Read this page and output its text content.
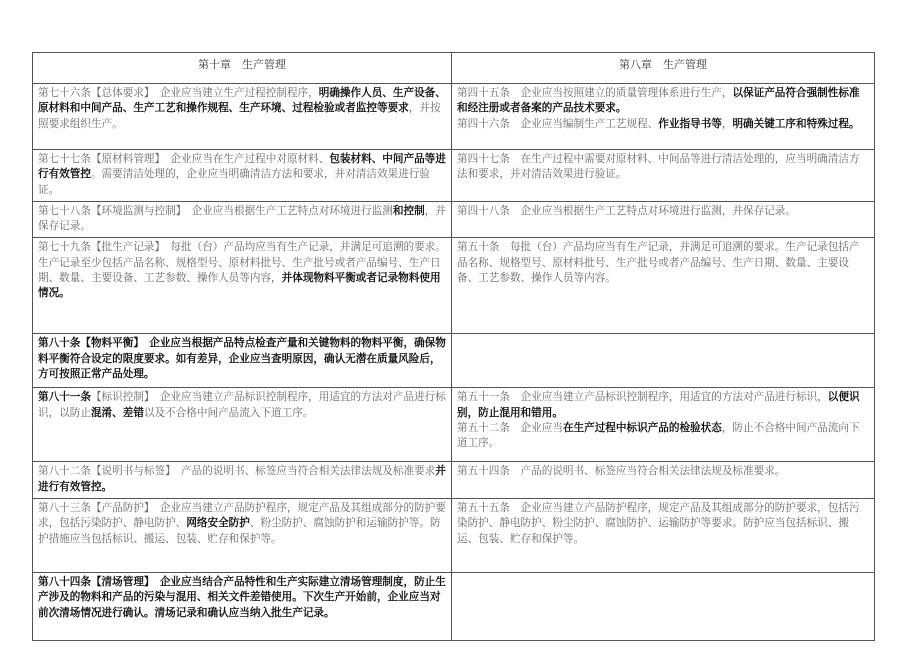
第十章　生产管理	第八章　生产管理

第七十六条【总体要求】　企业应当建立生产过程控制程序，明确操作人员、生产设备、原材料和中间产品、生产工艺和操作规程、生产环境、过程检验或者监控等要求，并按照要求组织生产。	第四十五条　企业应当按照建立的质量管理体系进行生产，以保证产品符合强制性标准和经注册或者备案的产品技术要求。
第四十六条　企业应当编制生产工艺规程、作业指导书等，明确关键工序和特殊过程。

第七十七条【原材料管理】　企业应当在生产过程中对原材料、包装材料、中间产品等进行有效管控。需要清洁处理的，企业应当明确清洁方法和要求，并对清洁效果进行验证。	第四十七条　在生产过程中需要对原材料、中间品等进行清洁处理的，应当明确清洁方法和要求，并对清洁效果进行验证。

第七十八条【环境监测与控制】　企业应当根据生产工艺特点对环境进行监测和控制，并保存记录。	第四十八条　企业应当根据生产工艺特点对环境进行监测，并保存记录。

第七十九条【批生产记录】　每批（台）产品均应当有生产记录，并满足可追溯的要求。生产记录至少包括产品名称、规格型号、原材料批号、生产批号或者产品编号、生产日期、数量、主要设备、工艺参数、操作人员等内容，并体现物料平衡或者记录物料使用情况。	第五十条　每批（台）产品均应当有生产记录，并满足可追溯的要求。生产记录包括产品名称、规格型号、原材料批号、生产批号或者产品编号、生产日期、数量、主要设备、工艺参数、操作人员等内容。

第八十条【物料平衡】　企业应当根据产品特点检查产量和关键物料的物料平衡，确保物料平衡符合设定的限度要求。如有差异，企业应当查明原因，确认无潜在质量风险后，方可按照正常产品处理。	

第八十一条【标识控制】　企业应当建立产品标识控制程序，用适宜的方法对产品进行标识，以防止混淆、差错以及不合格中间产品流入下道工序。	第五十一条　企业应当建立产品标识控制程序，用适宜的方法对产品进行标识，以便识别，防止混用和错用。
第五十二条　企业应当在生产过程中标识产品的检验状态，防止不合格中间产品流向下道工序。

第八十二条【说明书与标签】　产品的说明书、标签应当符合相关法律法规及标准要求并进行有效管控。	第五十四条　产品的说明书、标签应当符合相关法律法规及标准要求。

第八十三条【产品防护】　企业应当建立产品防护程序，规定产品及其组成部分的防护要求，包括污染防护、静电防护、网络安全防护、粉尘防护、腐蚀防护和运输防护等。防护措施应当包括标识、搬运、包装、贮存和保护等。	第五十五条　企业应当建立产品防护程序，规定产品及其组成部分的防护要求，包括污染防护、静电防护、粉尘防护、腐蚀防护、运输防护等要求。防护应当包括标识、搬运、包装、贮存和保护等。

第八十四条【清场管理】　企业应当结合产品特性和生产实际建立清场管理制度，防止生产涉及的物料和产品的污染与混用、相关文件差错使用。下次生产开始前，企业应当对前次清场情况进行确认。清场记录和确认应当纳入批生产记录。	
